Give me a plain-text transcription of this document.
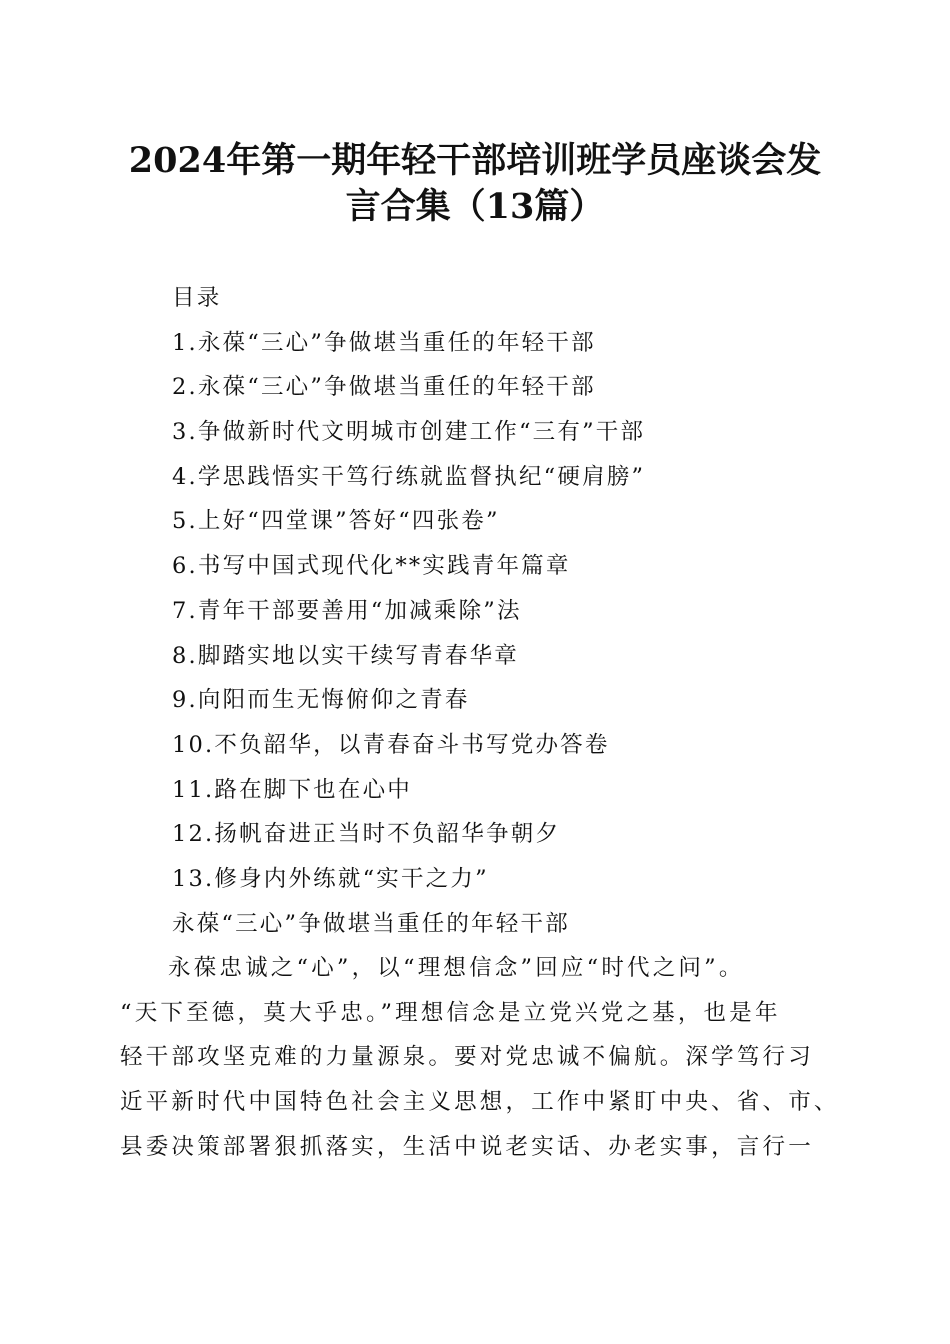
2024年第一期年轻干部培训班学员座谈会发
言合集（13篇）
目录
1.永葆“三心”争做堪当重任的年轻干部
2.永葆“三心”争做堪当重任的年轻干部
3.争做新时代文明城市创建工作“三有”干部
4.学思践悟实干笃行练就监督执纪“硬肩膀”
5.上好“四堂课”答好“四张卷”
6.书写中国式现代化**实践青年篇章
7.青年干部要善用“加减乘除”法
8.脚踏实地以实干续写青春华章
9.向阳而生无悔俯仰之青春
10.不负韶华，以青春奋斗书写党办答卷
11.路在脚下也在心中
12.扬帆奋进正当时不负韶华争朝夕
13.修身内外练就“实干之力”
永葆“三心”争做堪当重任的年轻干部
永葆忠诚之“心”，以“理想信念”回应“时代之问”。
“天下至德，莫大乎忠。”理想信念是立党兴党之基，也是年
轻干部攻坚克难的力量源泉。要对党忠诚不偏航。深学笃行习
近平新时代中国特色社会主义思想，工作中紧盯中央、省、市、
县委决策部署狠抓落实，生活中说老实话、办老实事，言行一
